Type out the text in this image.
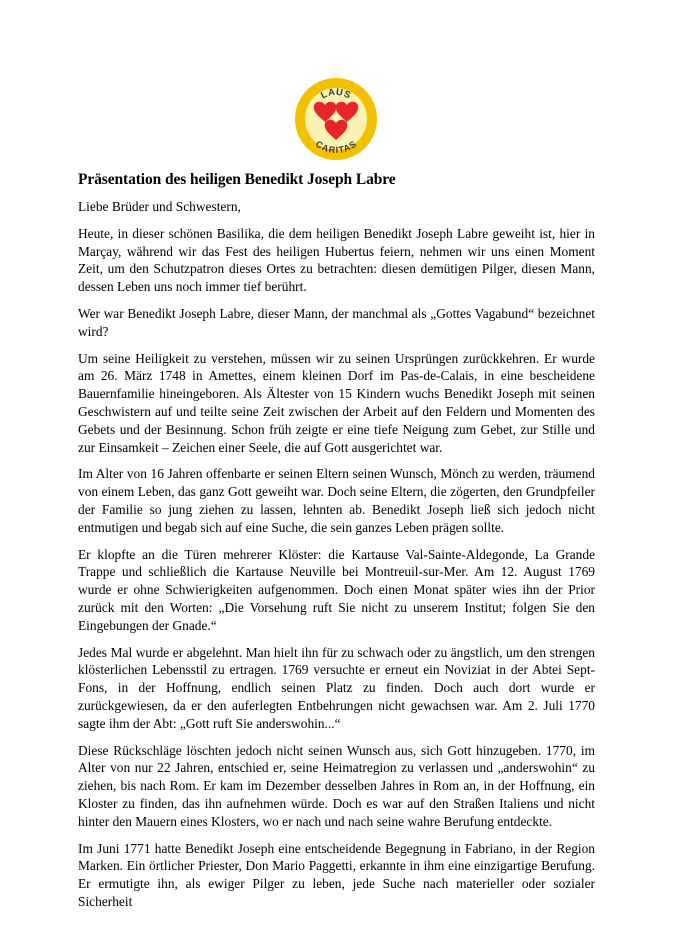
LAUS
CARITAS
Präsentation des heiligen Benedikt Joseph Labre

Liebe Brüder und Schwestern,

Heute, in dieser schönen Basilika, die dem heiligen Benedikt Joseph Labre geweiht ist, hier in Marçay, während wir das Fest des heiligen Hubertus feiern, nehmen wir uns einen Moment Zeit, um den Schutzpatron dieses Ortes zu betrachten: diesen demütigen Pilger, diesen Mann, dessen Leben uns noch immer tief berührt.

Wer war Benedikt Joseph Labre, dieser Mann, der manchmal als „Gottes Vagabund“ bezeichnet wird?

Um seine Heiligkeit zu verstehen, müssen wir zu seinen Ursprüngen zurückkehren. Er wurde am 26. März 1748 in Amettes, einem kleinen Dorf im Pas-de-Calais, in eine bescheidene Bauernfamilie hineingeboren. Als Ältester von 15 Kindern wuchs Benedikt Joseph mit seinen Geschwistern auf und teilte seine Zeit zwischen der Arbeit auf den Feldern und Momenten des Gebets und der Besinnung. Schon früh zeigte er eine tiefe Neigung zum Gebet, zur Stille und zur Einsamkeit – Zeichen einer Seele, die auf Gott ausgerichtet war.

Im Alter von 16 Jahren offenbarte er seinen Eltern seinen Wunsch, Mönch zu werden, träumend von einem Leben, das ganz Gott geweiht war. Doch seine Eltern, die zögerten, den Grundpfeiler der Familie so jung ziehen zu lassen, lehnten ab. Benedikt Joseph ließ sich jedoch nicht entmutigen und begab sich auf eine Suche, die sein ganzes Leben prägen sollte.

Er klopfte an die Türen mehrerer Klöster: die Kartause Val-Sainte-Aldegonde, La Grande Trappe und schließlich die Kartause Neuville bei Montreuil-sur-Mer. Am 12. August 1769 wurde er ohne Schwierigkeiten aufgenommen. Doch einen Monat später wies ihn der Prior zurück mit den Worten: „Die Vorsehung ruft Sie nicht zu unserem Institut; folgen Sie den Eingebungen der Gnade.“

Jedes Mal wurde er abgelehnt. Man hielt ihn für zu schwach oder zu ängstlich, um den strengen klösterlichen Lebensstil zu ertragen. 1769 versuchte er erneut ein Noviziat in der Abtei Sept-Fons, in der Hoffnung, endlich seinen Platz zu finden. Doch auch dort wurde er zurückgewiesen, da er den auferlegten Entbehrungen nicht gewachsen war. Am 2. Juli 1770 sagte ihm der Abt: „Gott ruft Sie anderswohin...“

Diese Rückschläge löschten jedoch nicht seinen Wunsch aus, sich Gott hinzugeben. 1770, im Alter von nur 22 Jahren, entschied er, seine Heimatregion zu verlassen und „anderswohin“ zu ziehen, bis nach Rom. Er kam im Dezember desselben Jahres in Rom an, in der Hoffnung, ein Kloster zu finden, das ihn aufnehmen würde. Doch es war auf den Straßen Italiens und nicht hinter den Mauern eines Klosters, wo er nach und nach seine wahre Berufung entdeckte.

Im Juni 1771 hatte Benedikt Joseph eine entscheidende Begegnung in Fabriano, in der Region Marken. Ein örtlicher Priester, Don Mario Paggetti, erkannte in ihm eine einzigartige Berufung. Er ermutigte ihn, als ewiger Pilger zu leben, jede Suche nach materieller oder sozialer Sicherheit
